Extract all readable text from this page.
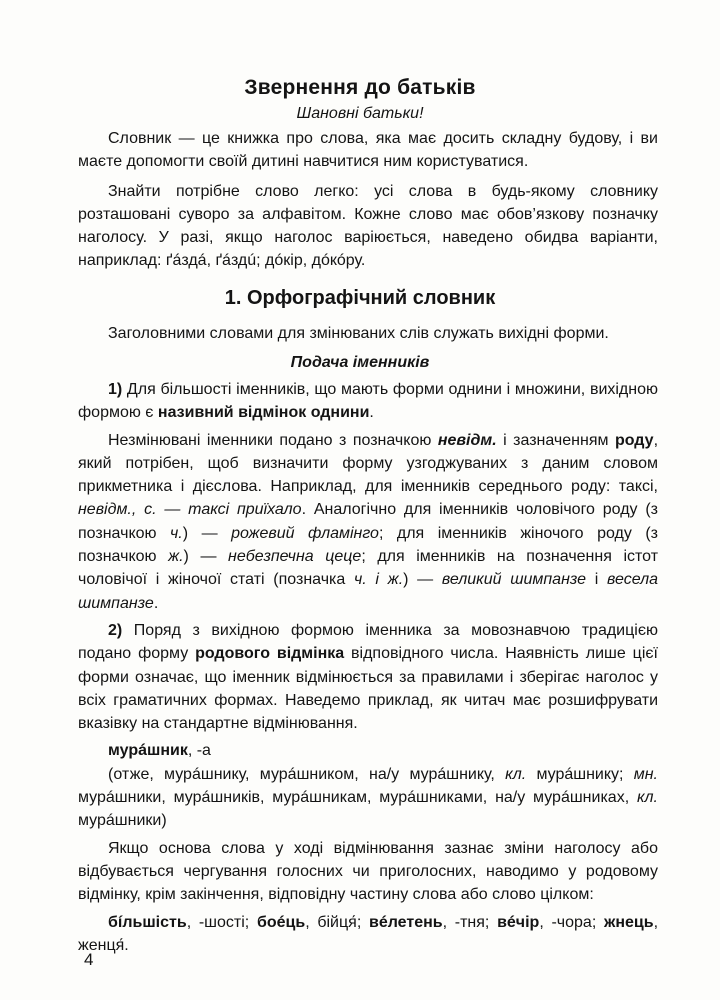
Звернення до батьків
Шановні батьки!

Словник — це книжка про слова, яка має досить складну будову, і ви маєте допомогти своїй дитині навчитися ним користуватися.

Знайти потрібне слово легко: усі слова в будь-якому словнику розташовані суворо за алфавітом. Кожне слово має обов’язкову позначку наголосу. У разі, якщо наголос варіюється, наведено обидва варіанти, наприклад: ґáздá, ґáздú; дóкір, дóкóру.

1. Орфографічний словник

Заголовними словами для змінюваних слів служать вихідні форми.

Подача іменників

1) Для більшості іменників, що мають форми однини і множини, вихідною формою є називний відмінок однини.

Незмінювані іменники подано з позначкою невідм. і зазначенням роду, який потрібен, щоб визначити форму узгоджуваних з даним словом прикметника і дієслова. Наприклад, для іменників середнього роду: таксі, невідм., с. — таксі приїхало. Аналогічно для іменників чоловічого роду (з позначкою ч.) — рожевий фламінго; для іменників жіночого роду (з позначкою ж.) — небезпечна цеце; для іменників на позначення істот чоловічої і жіночої статі (позначка ч. і ж.) — великий шимпанзе і весела шимпанзе.

2) Поряд з вихідною формою іменника за мовознавчою традицією подано форму родового відмінка відповідного числа. Наявність лише цієї форми означає, що іменник відмінюється за правилами і зберігає наголос у всіх граматичних формах. Наведемо приклад, як читач має розшифрувати вказівку на стандартне відмінювання.

мурáшник, -а

(отже, мурáшнику, мурáшником, на/у мурáшнику, кл. мурáшнику; мн. мурáшники, мурáшників, мурáшникам, мурáшниками, на/у мурáшниках, кл. мурáшники)

Якщо основа слова у ході відмінювання зазнає зміни наголосу або відбувається чергування голосних чи приголосних, наводимо у родовому відмінку, крім закінчення, відповідну частину слова або слово цілком:

бíльшість, -шості; боéць, бійця́; вéлетень, -тня; вéчір, -чора; жнець, женця́.

4
